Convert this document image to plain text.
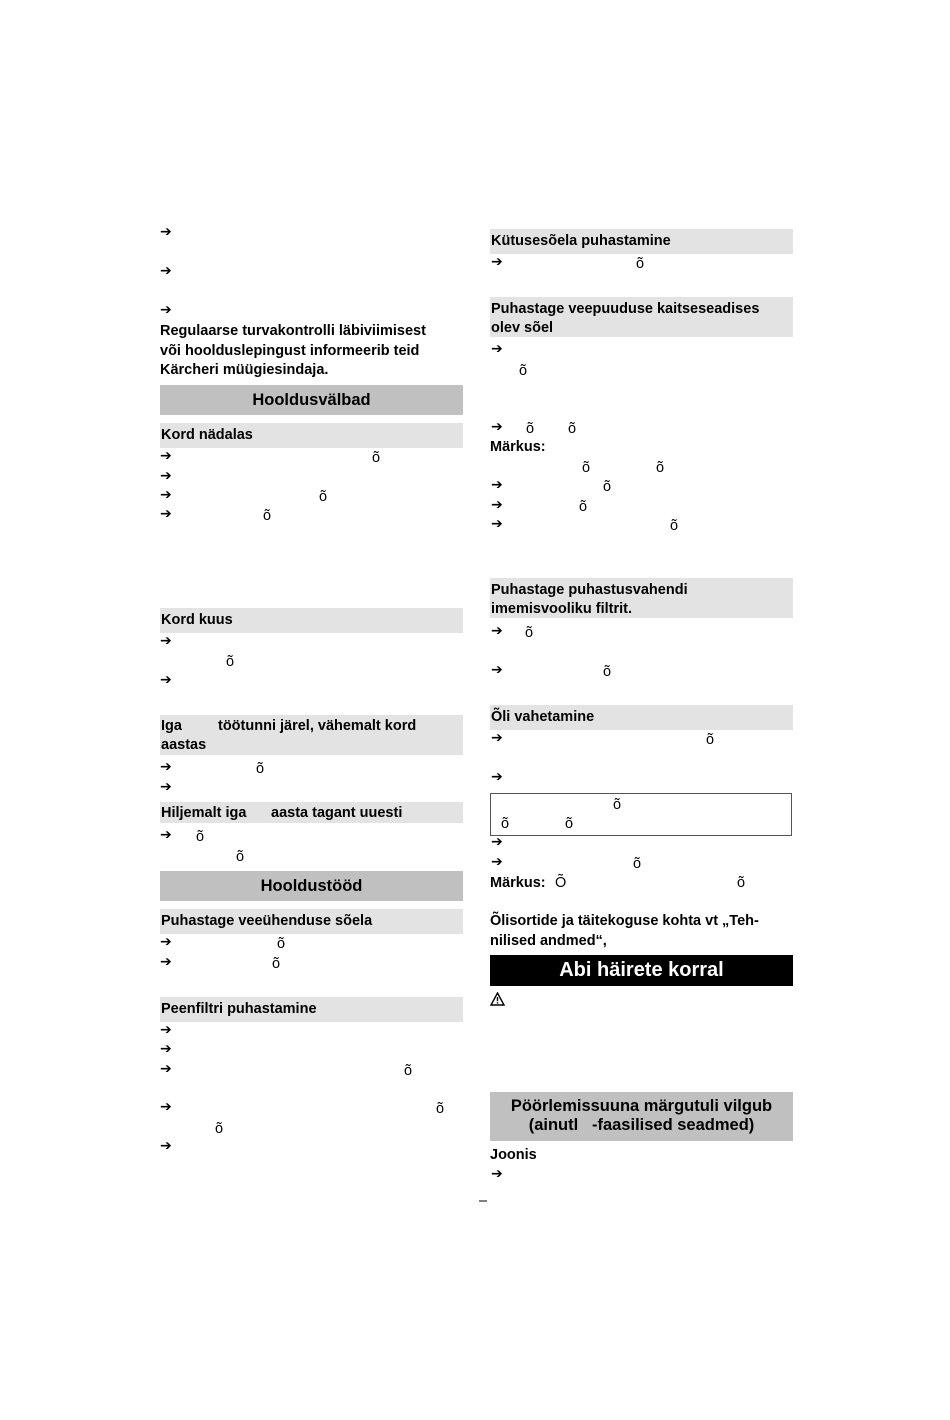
➔
➔
➔
Regulaarse turvakontrolli läbiviimisest
või hoolduslepingust informeerib teid
Kärcheri müügiesindaja.
Hooldusvälbad
Kord nädalas
➔	õ
➔
➔	õ
➔	õ
Kord kuus
➔
õ
➔
Iga töötunni järel, vähemalt kord
aastas
➔	õ
➔
Hiljemalt iga aasta tagant uuesti
➔ õ
õ
Hooldustööd
Puhastage veeühenduse sõela
➔	õ
➔	õ
Peenfiltri puhastamine
➔
➔
➔	õ
➔	õ
õ
➔
Kütusesõela puhastamine
➔	õ
Puhastage veepuuduse kaitseseadises
olev sõel
➔
õ
➔ õ õ
Märkus:
õ	õ
➔	õ
➔	õ
➔	õ
Puhastage puhastusvahendi
imemisvooliku filtrit.
➔ õ
➔	õ
Õli vahetamine
➔	õ
➔
õ
õ	õ
➔
➔	õ
Märkus: Õ	õ
Õlisortide ja täitekoguse kohta vt „Teh-
nilised andmed“,
Abi häirete korral
Pöörlemissuuna märgutuli vilgub
(ainutl   -faasilised seadmed)
Joonis
➔
–
